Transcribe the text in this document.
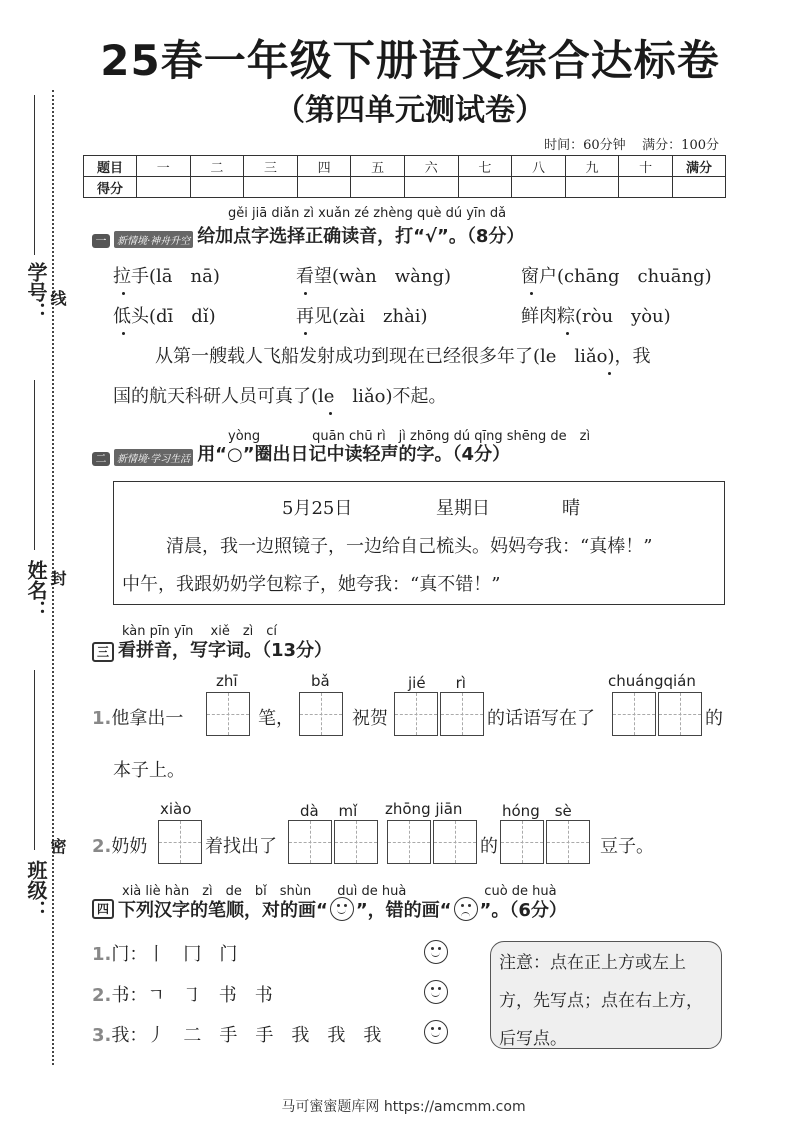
学号： 线
姓名： 封
班级：
密
25春一年级下册语文综合达标卷
（第四单元测试卷）
时间：60分钟 满分：100分
题目	一	二	三	四	五	六	七	八	九	十	满分
得分											
gěi jiā diǎn zì xuǎn zé zhèng què dú yīn dǎ
一	新情境·神舟升空 给加点字选择正确读音，打“√”。（8分）
拉手(lā　nā)	看望(wàn　wàng)	窗户(chāng　chuāng)
低头(dī　dǐ)	再见(zài　zhài)	鲜肉粽(ròu　yòu)
从第一艘载人飞船发射成功到现在已经很多年了(le　liǎo)，我
国的航天科研人员可真了(le　liǎo)不起。
yòng　　　　quān chū rì　jì zhōng dú qīng shēng de　zì
二	新情境·学习生活 用“○”圈出日记中读轻声的字。（4分）
5月25日	星期日	晴
清晨，我一边照镜子，一边给自己梳头。妈妈夸我：“真棒！”
中午，我跟奶奶学包粽子，她夸我：“真不错！”
kàn pīn yīn　 xiě　zì　cí
三 看拼音，写字词。（13分）
zhī	bǎ	jié　　rì	chuángqián
1.他拿出一	笔，	祝贺	的话语写在了	的
本子上。
xiào	dà　 mǐ zhōng jiān	hóng　sè
2.奶奶	着找出了	的	豆子。
xià liè hàn　zì　de　bǐ　shùn　　duì de huà　　　　　　cuò de huà
四 下列汉字的笔顺，对的画“ ”，错的画“ ”。（6分）
1.门：丨　冂　门
2.书：ㄱ　㇆　书　书
3.我：丿　二　手　手　我　我　我
注意：点在正上方或左上方，先写点；点在右上方，后写点。
马可蜜蜜题库网 https://amcmm.com
